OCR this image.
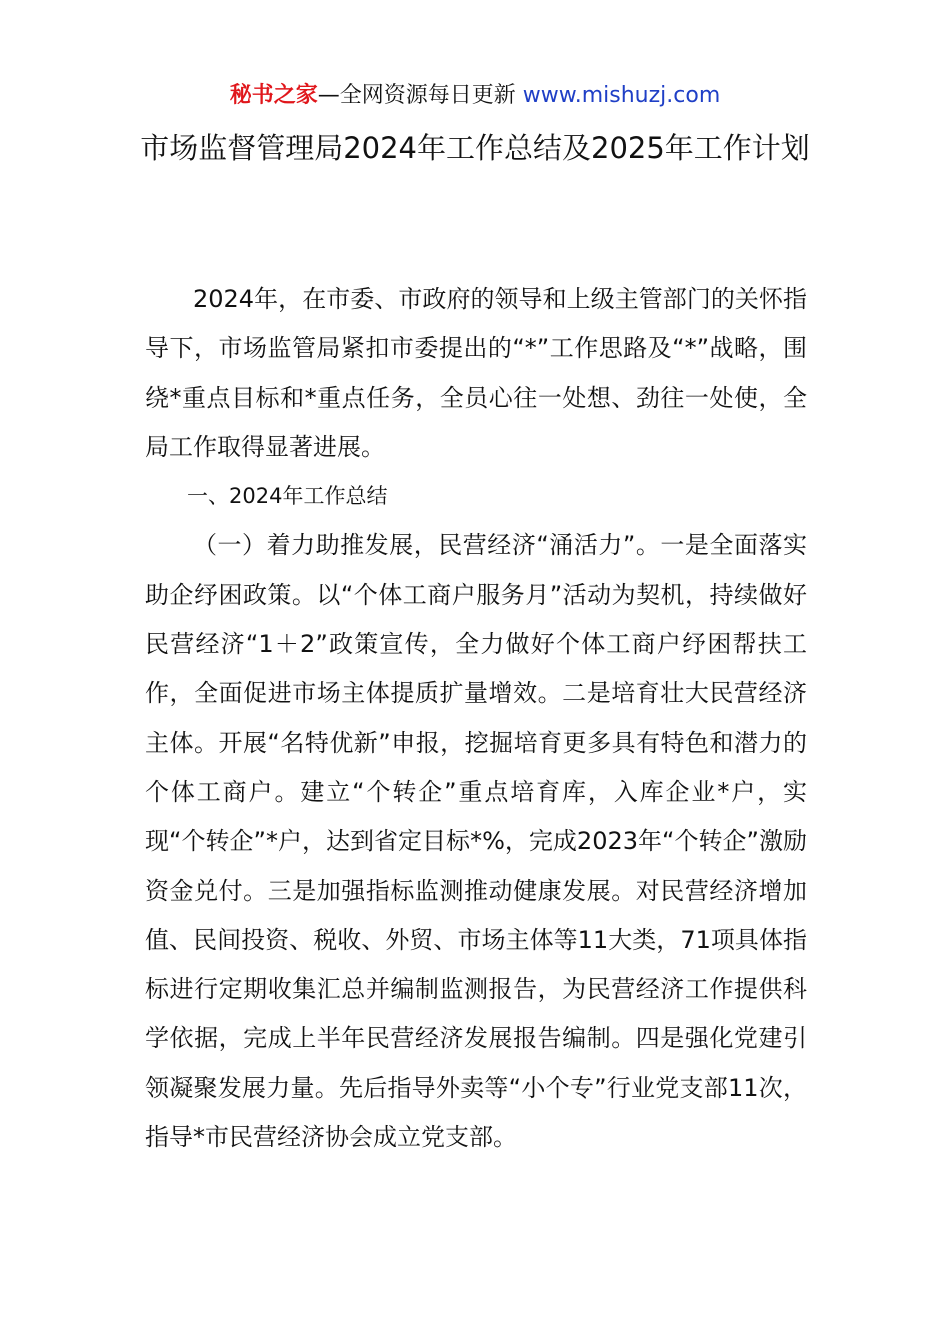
秘书之家—全网资源每日更新 www.mishuzj.com
市场监督管理局2024年工作总结及2025年工作计划

2024年，在市委、市政府的领导和上级主管部门的关怀指导下，市场监管局紧扣市委提出的“*”工作思路及“*”战略，围绕*重点目标和*重点任务，全员心往一处想、劲往一处使，全局工作取得显著进展。

一、2024年工作总结

（一）着力助推发展，民营经济“涌活力”。一是全面落实助企纾困政策。以“个体工商户服务月”活动为契机，持续做好民营经济“1＋2”政策宣传，全力做好个体工商户纾困帮扶工作，全面促进市场主体提质扩量增效。二是培育壮大民营经济主体。开展“名特优新”申报，挖掘培育更多具有特色和潜力的个体工商户。建立“个转企”重点培育库，入库企业*户，实现“个转企”*户，达到省定目标*%，完成2023年“个转企”激励资金兑付。三是加强指标监测推动健康发展。对民营经济增加值、民间投资、税收、外贸、市场主体等11大类，71项具体指标进行定期收集汇总并编制监测报告，为民营经济工作提供科学依据，完成上半年民营经济发展报告编制。四是强化党建引领凝聚发展力量。先后指导外卖等“小个专”行业党支部11次，指导*市民营经济协会成立党支部。
